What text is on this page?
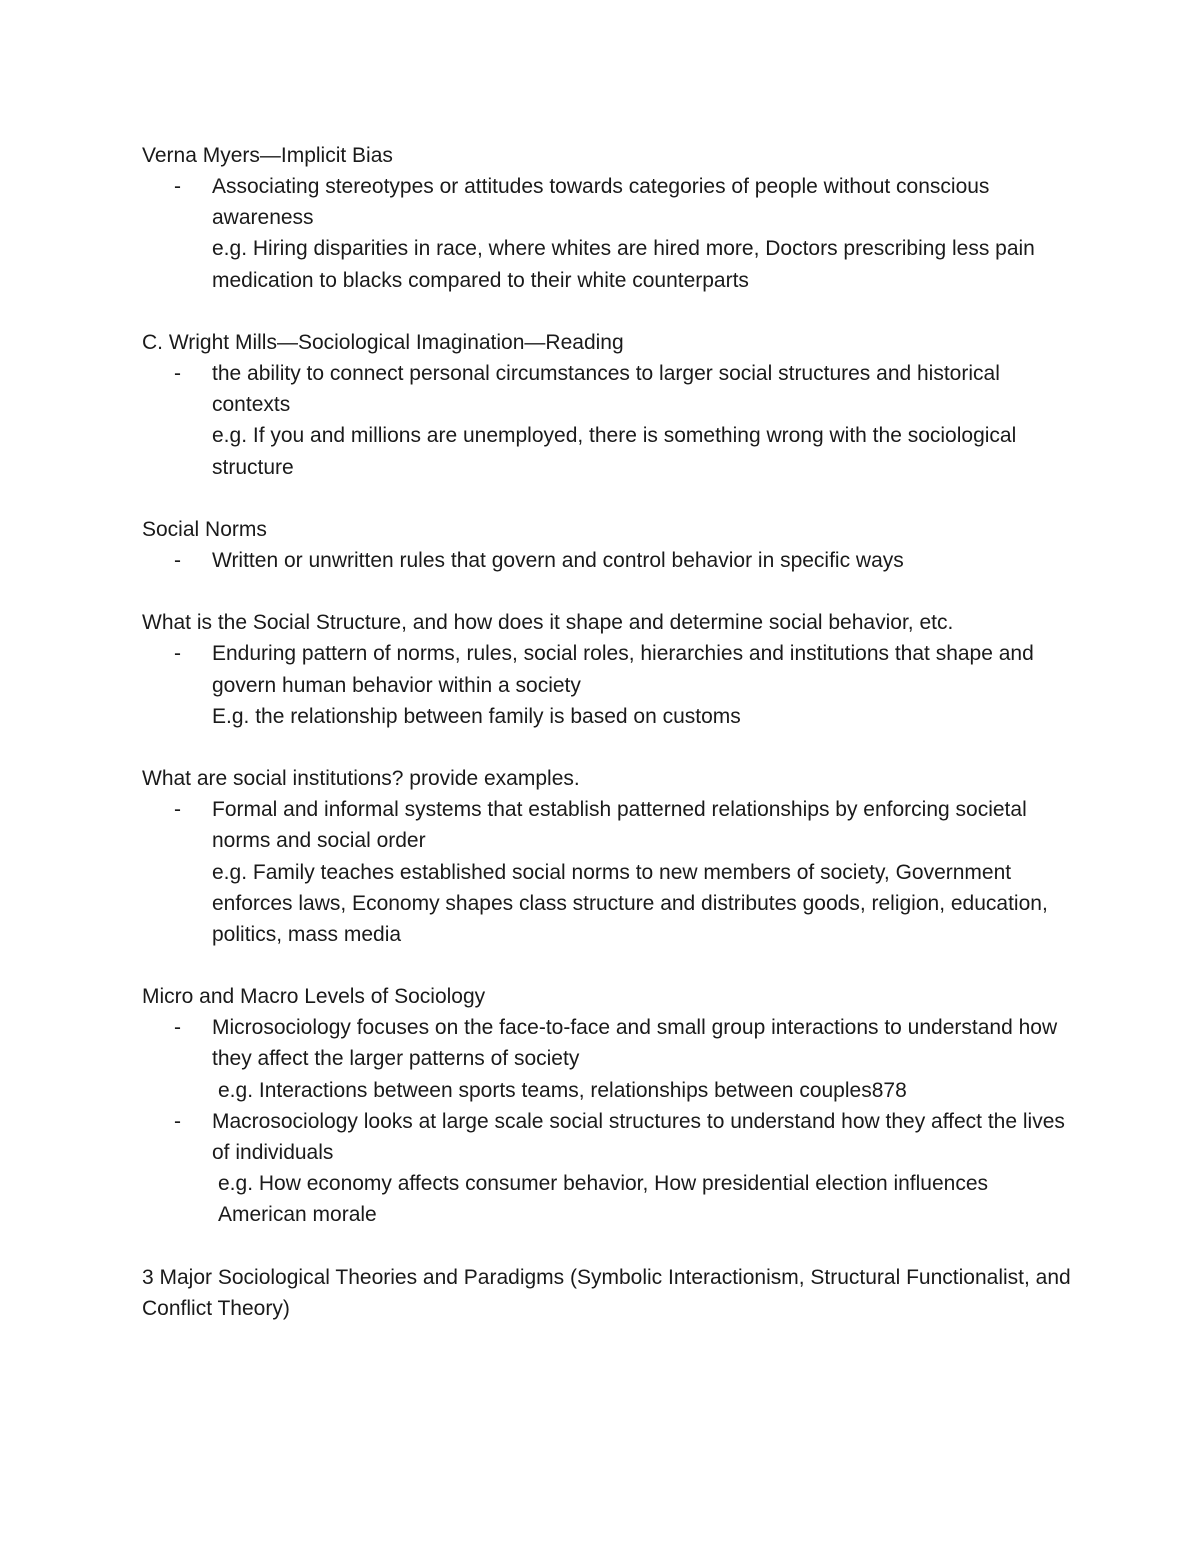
Verna Myers—Implicit Bias
- Associating stereotypes or attitudes towards categories of people without conscious awareness
e.g. Hiring disparities in race, where whites are hired more, Doctors prescribing less pain medication to blacks compared to their white counterparts
C. Wright Mills—Sociological Imagination—Reading
- the ability to connect personal circumstances to larger social structures and historical contexts
e.g. If you and millions are unemployed, there is something wrong with the sociological structure
Social Norms
- Written or unwritten rules that govern and control behavior in specific ways
What is the Social Structure, and how does it shape and determine social behavior, etc.
- Enduring pattern of norms, rules, social roles, hierarchies and institutions that shape and govern human behavior within a society
E.g. the relationship between family is based on customs
What are social institutions? provide examples.
- Formal and informal systems that establish patterned relationships by enforcing societal norms and social order
e.g. Family teaches established social norms to new members of society, Government enforces laws, Economy shapes class structure and distributes goods, religion, education, politics, mass media
Micro and Macro Levels of Sociology
- Microsociology focuses on the face-to-face and small group interactions to understand how they affect the larger patterns of society
e.g. Interactions between sports teams, relationships between couples878
- Macrosociology looks at large scale social structures to understand how they affect the lives of individuals
e.g. How economy affects consumer behavior, How presidential election influences American morale
3 Major Sociological Theories and Paradigms (Symbolic Interactionism, Structural Functionalist, and Conflict Theory)
